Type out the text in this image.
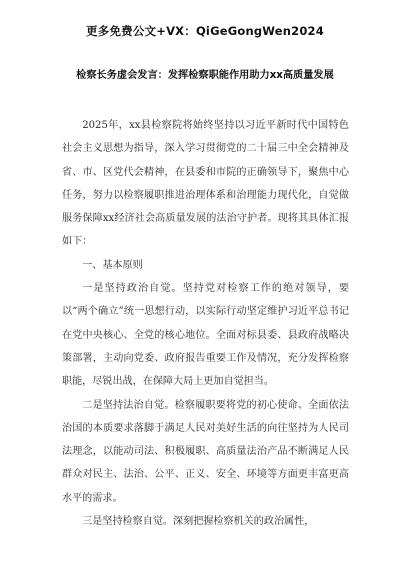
更多免费公文+VX：QiGeGongWen2024
检察长务虚会发言：发挥检察职能作用助力xx高质量发展

2025年，xx县检察院将始终坚持以习近平新时代中国特色社会主义思想为指导，深入学习贯彻党的二十届三中全会精神及省、市、区党代会精神，在县委和市院的正确领导下，聚焦中心任务，努力以检察履职推进治理体系和治理能力现代化，自觉做服务保障xx经济社会高质量发展的法治守护者。现将其具体汇报如下：

一、基本原则

一是坚持政治自觉。坚持党对检察工作的绝对领导，要以“两个确立”统一思想行动，以实际行动坚定维护习近平总书记在党中央核心、全党的核心地位。全面对标县委、县政府战略决策部署，主动向党委、政府报告重要工作及情况，充分发挥检察职能，尽锐出战，在保障大局上更加自觉担当。

二是坚持法治自觉。检察履职要将党的初心使命、全面依法治国的本质要求落脚于满足人民对美好生活的向往坚持为人民司法理念，以能动司法、积极履职、高质量法治产品不断满足人民群众对民主、法治、公平、正义、安全、环境等方面更丰富更高水平的需求。

三是坚持检察自觉。深刻把握检察机关的政治属性，
